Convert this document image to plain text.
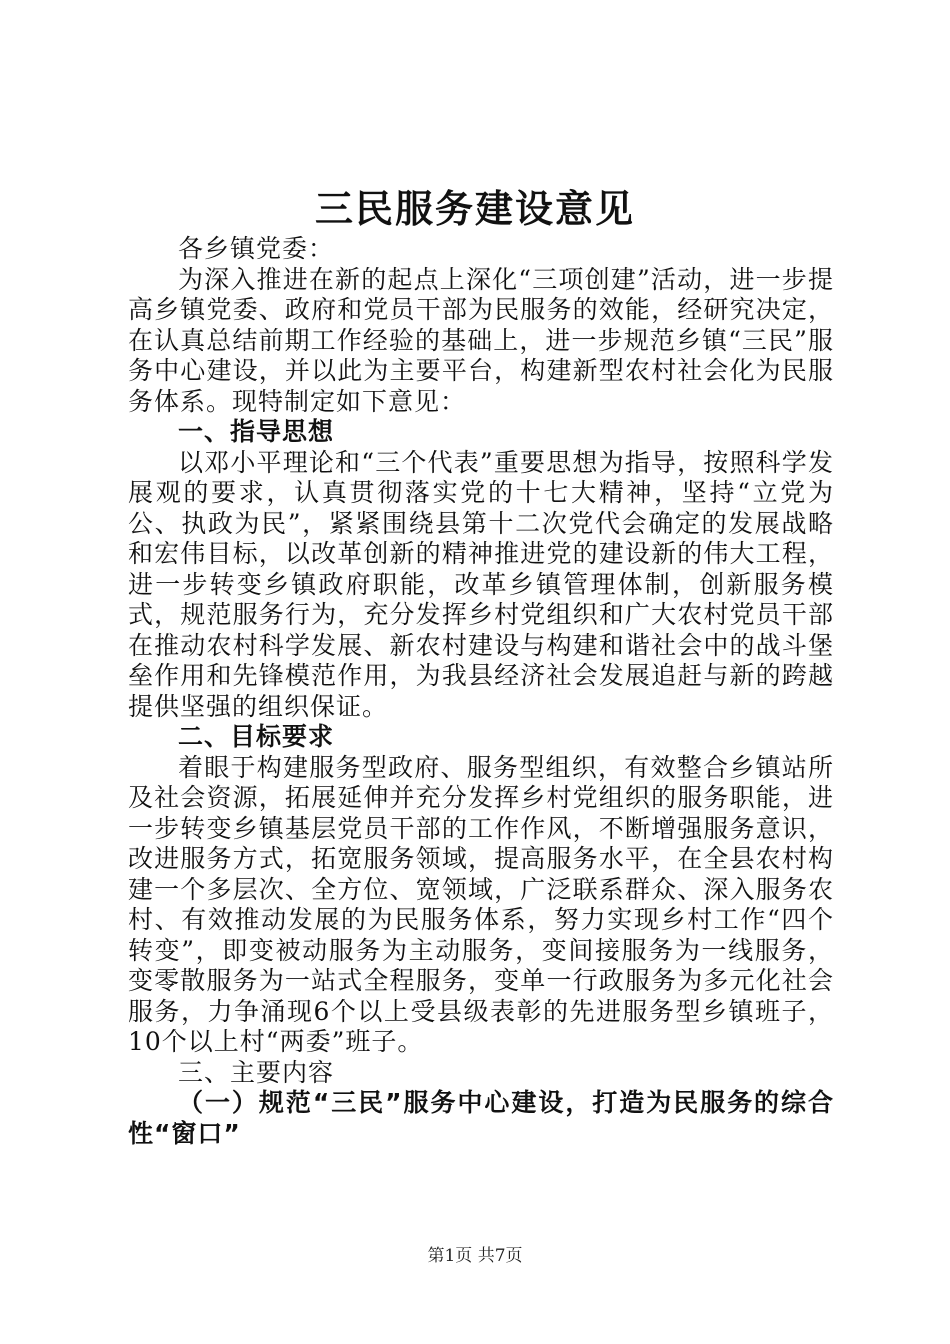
三民服务建设意见

各乡镇党委：

为深入推进在新的起点上深化“三项创建”活动，进一步提高乡镇党委、政府和党员干部为民服务的效能，经研究决定，在认真总结前期工作经验的基础上，进一步规范乡镇“三民”服务中心建设，并以此为主要平台，构建新型农村社会化为民服务体系。现特制定如下意见：

一、指导思想

以邓小平理论和“三个代表”重要思想为指导，按照科学发展观的要求，认真贯彻落实党的十七大精神，坚持“立党为公、执政为民”，紧紧围绕县第十二次党代会确定的发展战略和宏伟目标，以改革创新的精神推进党的建设新的伟大工程，进一步转变乡镇政府职能，改革乡镇管理体制，创新服务模式，规范服务行为，充分发挥乡村党组织和广大农村党员干部在推动农村科学发展、新农村建设与构建和谐社会中的战斗堡垒作用和先锋模范作用，为我县经济社会发展追赶与新的跨越提供坚强的组织保证。

二、目标要求

着眼于构建服务型政府、服务型组织，有效整合乡镇站所及社会资源，拓展延伸并充分发挥乡村党组织的服务职能，进一步转变乡镇基层党员干部的工作作风，不断增强服务意识，改进服务方式，拓宽服务领域，提高服务水平，在全县农村构建一个多层次、全方位、宽领域，广泛联系群众、深入服务农村、有效推动发展的为民服务体系，努力实现乡村工作“四个转变”，即变被动服务为主动服务，变间接服务为一线服务，变零散服务为一站式全程服务，变单一行政服务为多元化社会服务，力争涌现6个以上受县级表彰的先进服务型乡镇班子，10个以上村“两委”班子。

三、主要内容

（一）规范“三民”服务中心建设，打造为民服务的综合性“窗口”

第1页 共7页
